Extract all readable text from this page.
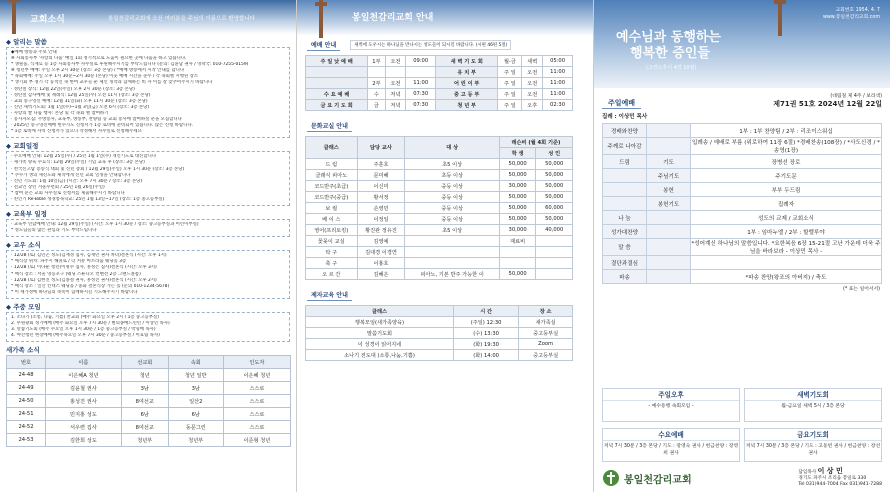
교회소식	봉일천감리교회에 오신 여러분을 주님의 이름으로 환영합니다
◆ 알리는 말씀
◆예배 방송과 주보 안내
※ 사회봉사부 '사랑의 나눔' 매일 1회 정기적으로 도움이 필요한 곳에 나눔을 하고 있습니다.
* 생필품, 식재료 등 1층 사회봉사부 사무실로 후원해주시기를 부탁드립니다 (문의: 김윤남 권사 / 영락국: 010-7255-0159)
※ 청년부 예배: 주일 오후 2시 30분 (장소: 3층 본당) / *예배 방송에서 시작 안내를 합니다
* 속회예배: 주일 오후 1시 30분~2시 30분 (본당) 이웃 예배 시간을 준수 / 각 속회별 시행된 장소
* 생기회 부 정기 각 등적인 속 한여 교우들 순 제인 정작과 함께하는 비 자 이를 잘 맞추어주시기 바랍니다
· 성탄절 장식: 12월 22일(주일) 오후 2시 30분 (장소: 3층 본당)
· 성탄절 감사예배 및 세례식: 12월 25일(수) 오전 11시 (장소: 3층 본당)
· 교회 송구영신 예배: 12월 31일(화) 오후 11시 30분 (장소: 3층 본당)
· 신년 새벽기도회: 1월 1일(수)~1월 3일(금) 오전 6시 (장소: 3층 본당)
· 사랑의 쌀 나눔 행사: 본당 및 각 속회 별 참여하기
· 봉사자모집: 주방봉사, 교육부, 방송부, 찬양팀 등 교회 봉사에 참여하실 분을 모집합니다
· 2025년 송구영신예배 헌수가도 신청서가 1층 로비에 준비되어 있습니다. 많은 신청 바랍니다.
* 1층 로비에 사역 신청서가 있으니 작성해서 사무실로 신청해주세요
◆ 교회일정
· 수요예배 안내: 12월 25일(수) / 25년 1월 1일(수) 개인기도로 대신합니다
· 새가족 양육 수료식: 12월 29일(주일) 기념 교육 후 (장소: 3층 본당)
· 천국신고탑 봉송식 대회 및 신년 총회 / 12월 29일(주일) 오후 1시 30분 (장소: 3층 본당)
* 추수가 생의 새신도와 제직에게 신년 교회 일정을 안내합니다
· 신년 기도회: 1월 10일(금) (시간: 오후 7시 30분 / 장소: 3층 본당)
· 전교인 장년 겨울수련회 / 25년 1월 26일(주일)
* 참여 분은 교회 사무실로 신청서를 제출해주시기 바랍니다
· 친인기 Re-Bible 성경통독학교: 25년 1월 13일~17일 (장소: 1층 중고등부실)
◆ 교육부 일정
· 교육부 연합예배 안내: 12월 29일(주일) (시간: 오후 1시 30분 / 장소: 중고등부실과 어린이부실)
* 성도님들의 많은 관심과 기도 부탁드립니다
◆ 교우 소식
· 12/28 (토) 김민곤 성도(김재경 집사, 김재민 권사 차녀)결혼식 (시간: 오후 1시)
* 예식장 위치: 파주시 해솔로 / 더 커뮤 아트라움 웨딩홀 3층
· 12/28 (토) 이다운 청년(이명수 집사, 홍정은 집사)결혼식 (시간: 오후 3시)
* 예식 장소 : 서울 영등포구 (웨딩 스튜디오 컨벤션 2층 그랜드볼룸)
· 12/28 (토) 김현진 성도(김종철 권사, 홍성진 권사)결혼식 (시간: 오후 2시)
* 예식 장소 : 일산 킨텍스 웨딩홀 / 중화 결혼식장 가든 홀 (문의 010-1234-5678)
* 이 세가정에 하나님의 축복이 함께하시길 기도해주시기 바랍니다
◆ 주중 모임
1. 소나기 (소통, 나눔, 기쁨) 찬교회 (매주 화요일 오후 2시 / 1층 중고등부실)
2. 무원광회 정기예배 (매주 화요일 오후 7시 30분 / 별의종배드민턴 / 이상민 목사)
3. 말씀기도회 (매주 수요일 오후 1시 30분 / 1층 중고등부실 / 박형배 목사)
4. 야간청년 현장예배 (매주목요일 오후 7시 30분 / 중고등부실 / 이효림 목사)
새가족 소식
번호	이름	선교회	속회	인도자
24-48	이은혜A 청년	청년	청년 일반	이은혜 청년
24-49	김윤철 권사	3남	3남	스스로
24-50	홍성진 권사	8여선교	일산2	스스로
24-51	민지홍 성도	6남	6남	스스로
24-52	서우련 집사	8여선교	동문그린	스스로
24-53	김한희 성도	청년부	청년부	이준형 청년
봉일천감리교회 안내
예배 안내	새벽에 도우시는 하나님을 만나시는 성도들이 되시길 바랍니다. (시편 46편 5절)
주 일 낮 예 배	1부	오전	09:00	새 벽 기 도 회	월-금	새벽	05:00
				유 치 부	주 일	오전	11:00
	2부	오전	11:00	어 린 이 부	주 일	오전	11:00
수 요 예 배	수	저녁	07:30	중 고 등 부	주 일	오전	11:00
금 요 기 도 회	금	저녁	07:30	청 년 부	주 일	오후	02:30
문화교실 안내
클래스	담당 교사	대 상	레슨비 (월 4회 기준)	
			학 생	성 인
드 럼	주훈호	초5 이상	50,000	50,000
클래식 피아노	문미혜	초등 이상	50,000	50,000
코드반주(초급)	이신미	중등 이상	30,000	50,000
코드반주(중급)	황서정	중등 이상	50,000	50,000
보 컬	손영민	중등 이상	50,000	60,000
베 이 스	이정일	중등 이상	50,000	50,000
영어(프리토킹)	황진관 정유진	초5 이상	30,000	40,000
꽃꽂이 교실	김영예		재료비	
탁 구	김대경 이경연			
축 구	이홍호			
오 르 간	김혜은	피아노, 기본 반주 가능한 이	50,000	
제자교육 안내
클래스	시 간	장 소
행복모임(새가족양육)	(주일) 12:30	새가족실
말씀기도회	(수) 13:30	중고등부실
이 성경이 읽어지네	(화) 19:30	Zoom
소나기 전도대 (소통,나눔,기쁨)	(화) 14:00	중고등부실
교회번호 1954. 4. 7
www.봉일천감리교회.com
예수님과 동행하는
행복한 증인들
(고린도후서 4장 10절)
주일예배
(대림절 제 4주 / 보라색)
제71권 51호 2024년 12월 22일
집례 : 이상민 목사
경배와찬양		1부 : 1부 찬양팀 / 2부 : 리조이스워십
주께로 나아감		입례송 / 예배로 부름 (위로하여 11장 6절) *경배찬송(108장) / *사도신경 / *송영(1장)
드림	기도	장병선 장로
	주님기도	주기도문
	봉헌	부부 두드림
	봉헌기도	집례자
나 눔		성도의 교제 / 교회소식
성가대찬양		1부 : 임마누엘 / 2부 : 할렐루야
말 씀		*성어계신 하나님의 말씀입니다. *요한복음 6장 15-21절 고난 가운데 더욱 주님을 바라보라 - 이상민 목사 -
결단과결심		
파송		*파송 찬양(왕조의 아버지) / 축도
(* 표는 일어서서)
주일오후
- 예수동행 속회모임 -
새벽기도회
월-금요일 새벽 5시 / 3층 본당
수요예배
저녁 7시 30분 / 3층 본당 / 기도 : 장영숙 권사 / 헌금찬양 : 장영희 권사
금요기도회
저녁 7시 30분 / 3층 본당 / 기도 : 고동빈 권사 / 헌금찬양 : 장선 권사
봉일천감리교회
담임목사 이 상 민
경기도 파주시 조리읍 봉일로 330
Tel 031)944-7004 Fax 031)941-7288
